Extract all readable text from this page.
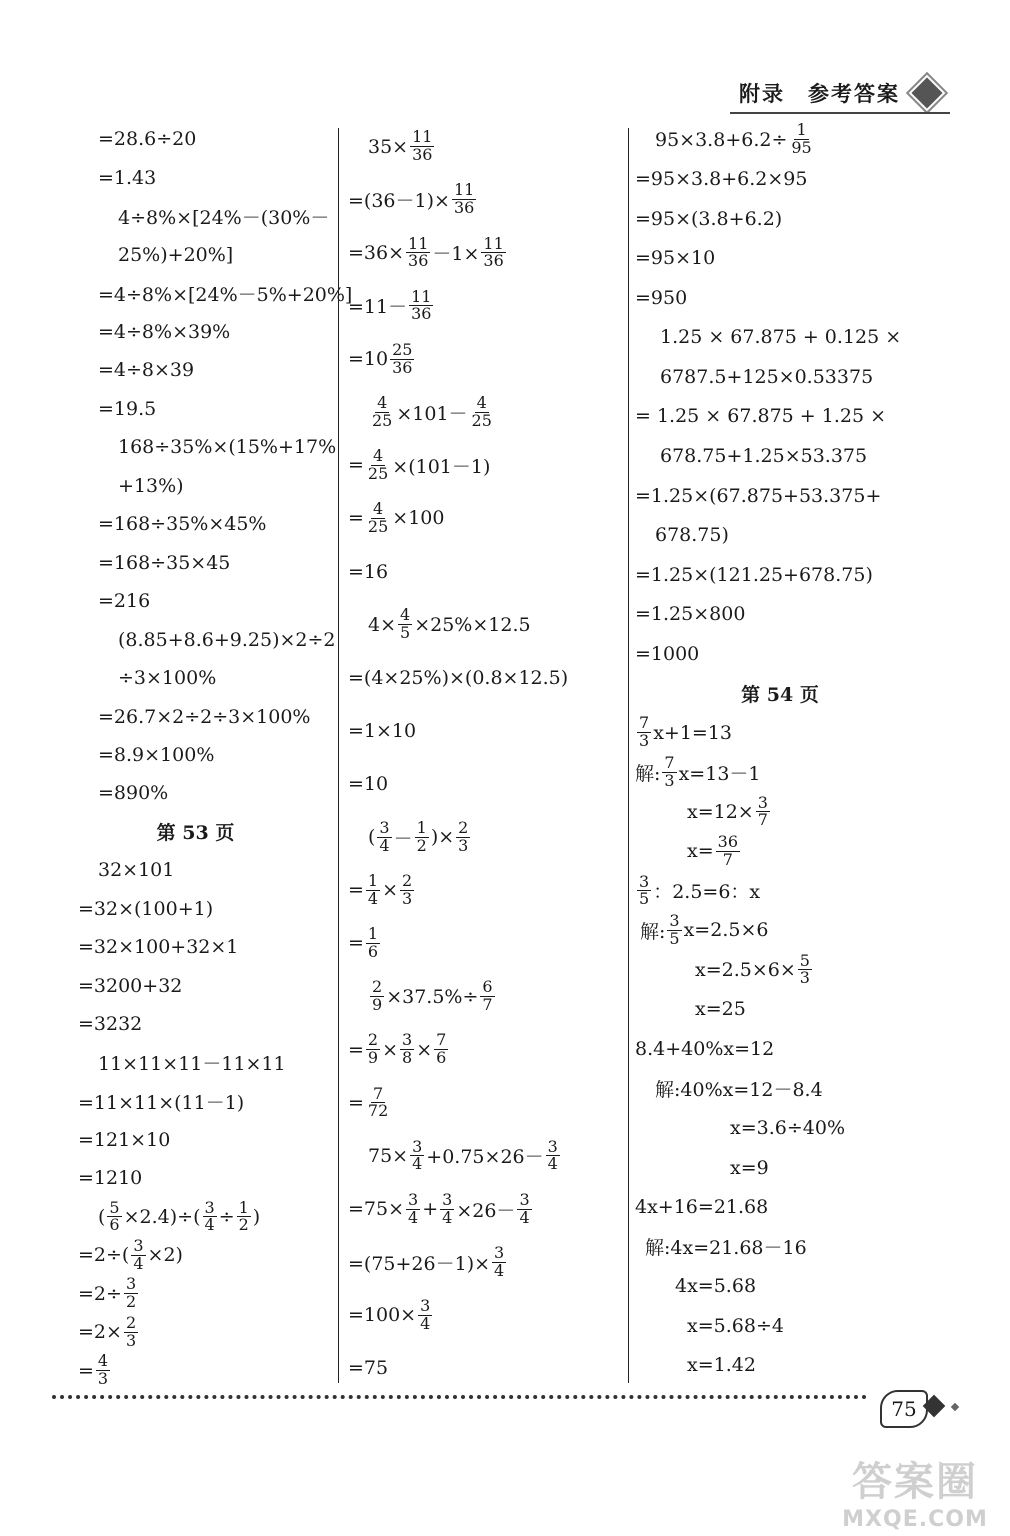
附录　参考答案
=28.6÷20
=1.43
4÷8%×[24%－(30%－
25%)+20%]
=4÷8%×[24%－5%+20%]
=4÷8%×39%
=4÷8×39
=19.5
168÷35%×(15%+17%
+13%)
=168÷35%×45%
=168÷35×45
=216
(8.85+8.6+9.25)×2÷2
÷3×100%
=26.7×2÷2÷3×100%
=8.9×100%
=890%
第 53 页
32×101
=32×(100+1)
=32×100+32×1
=3200+32
=3232
11×11×11－11×11
=11×11×(11－1)
=121×10
=1210
( $\frac{5}{6} \times 2.4)\div( \frac{3}{4} \div \frac{1}{2}$ )
$=2\div( \frac{3}{4} \times 2)$
$=2\div \frac{3}{2}$
$=2\times \frac{2}{3}$
= $\frac{4}{3}$
$35\times \frac{11}{36}$
$=(36-1)\times \frac{11}{36}$
$=36\times \frac{11}{36} -1\times \frac{11}{36}$
$=11- \frac{11}{36}$
$=10 \frac{25}{36}$
$\frac{4}{25} \times 101- \frac{4}{25}$
= $\frac{4}{25} \times(101-1)$
= $\frac{4}{25} \times 100$
=16
$4\times \frac{4}{5} \times 25\%\times 12.5$
=(4×25%)×(0.8×12.5)
=1×10
=10
( $\frac{3}{4} - \frac{1}{2}$ )× $\frac{2}{3}$
= $\frac{1}{4} \times \frac{2}{3}$
= $\frac{1}{6}$
$\frac{2}{9} \times 37.5\%\div \frac{6}{7}$
= $\frac{2}{9} \times \frac{3}{8} \times \frac{7}{6}$
= $\frac{7}{72}$
$75\times \frac{3}{4} +0.75\times 26- \frac{3}{4}$
$=75\times \frac{3}{4} + \frac{3}{4} \times 26- \frac{3}{4}$
$=(75+26-1)\times \frac{3}{4}$
$=100\times \frac{3}{4}$
=75
$95\times 3.8+6.2\div \frac{1}{95}$
=95×3.8+6.2×95
=95×(3.8+6.2)
=95×10
=950
1.25 × 67.875 + 0.125 ×
6787.5+125×0.53375
= 1.25 × 67.875 + 1.25 ×
678.75+1.25×53.375
=1.25×(67.875+53.375+
678.75)
=1.25×(121.25+678.75)
=1.25×800
=1000
第 54 页
$\frac{7}{3} x+1=13$
解: $\frac{7}{3} x=13-1$
$x=12\times \frac{3}{7}$
$x= \frac{36}{7}$
$\frac{3}{5}$ ：2.5=6：x
解: $\frac{3}{5} x=2.5\times 6$
$x=2.5\times 6\times \frac{5}{3}$
x=25
8.4+40%x=12
解:40%x=12－8.4
x=3.6÷40%
x=9
4x+16=21.68
解:4x=21.68－16
4x=5.68
x=5.68÷4
x=1.42
75
答案圈
MXQE.COM
